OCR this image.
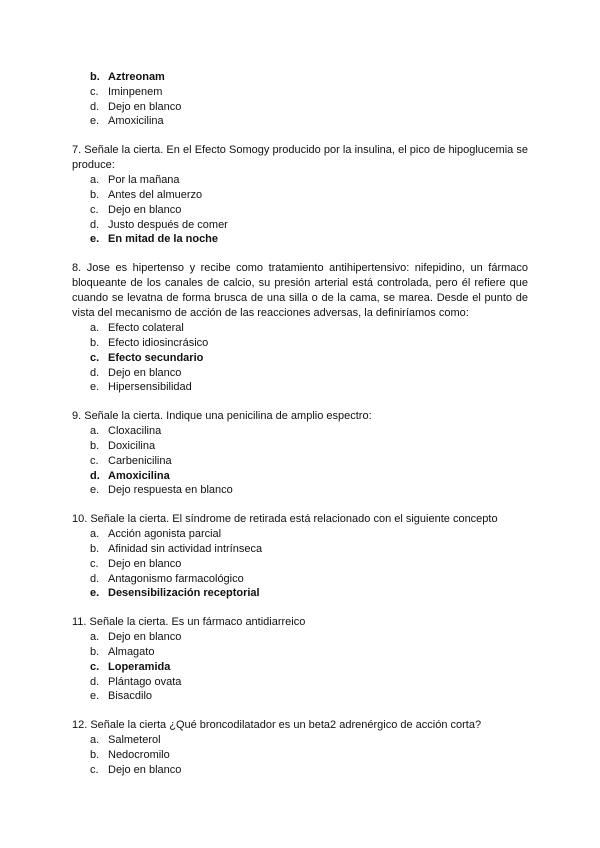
b. Aztreonam
c. Iminpenem
d. Dejo en blanco
e. Amoxicilina

7. Señale la cierta. En el Efecto Somogy producido por la insulina, el pico de hipoglucemia se produce:

a. Por la mañana
b. Antes del almuerzo
c. Dejo en blanco
d. Justo después de comer
e. En mitad de la noche

8. Jose es hipertenso y recibe como tratamiento antihipertensivo: nifepidino, un fármaco bloqueante de los canales de calcio, su presión arterial está controlada, pero él refiere que cuando se levatna de forma brusca de una silla o de la cama, se marea. Desde el punto de vista del mecanismo de acción de las reacciones adversas, la definiríamos como:

a. Efecto colateral
b. Efecto idiosincrásico
c. Efecto secundario
d. Dejo en blanco
e. Hipersensibilidad

9. Señale la cierta. Indique una penicilina de amplio espectro:

a. Cloxacilina
b. Doxicilina
c. Carbenicilina
d. Amoxicilina
e. Dejo respuesta en blanco

10. Señale la cierta. El síndrome de retirada está relacionado con el siguiente concepto

a. Acción agonista parcial
b. Afinidad sin actividad intrínseca
c. Dejo en blanco
d. Antagonismo farmacológico
e. Desensibilización receptorial

11. Señale la cierta. Es un fármaco antidiarreico

a. Dejo en blanco
b. Almagato
c. Loperamida
d. Plántago ovata
e. Bisacdilo

12. Señale la cierta ¿Qué broncodilatador es un beta2 adrenérgico de acción corta?

a. Salmeterol
b. Nedocromilo
c. Dejo en blanco
